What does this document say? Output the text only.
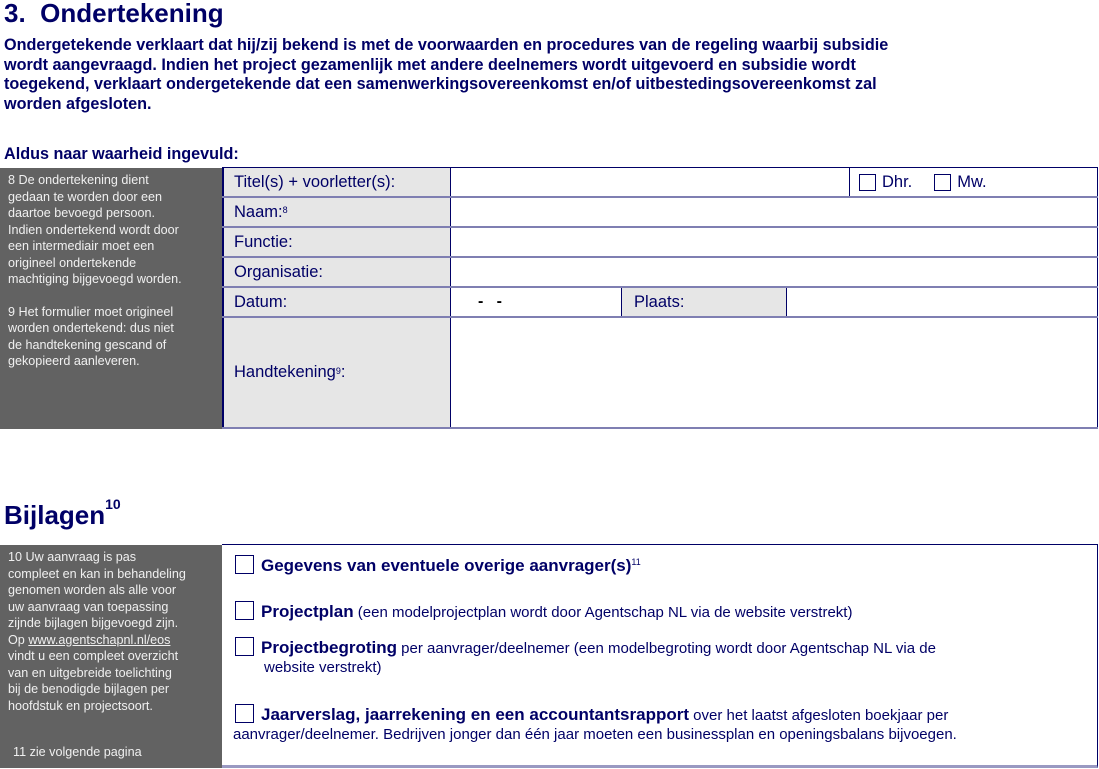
3.  Ondertekening
Ondergetekende verklaart dat hij/zij bekend is met de voorwaarden en procedures van de regeling waarbij subsidie
wordt aangevraagd. Indien het project gezamenlijk met andere deelnemers wordt uitgevoerd en subsidie wordt
toegekend, verklaart ondergetekende dat een samenwerkingsovereenkomst en/of uitbestedingsovereenkomst zal
worden afgesloten.
Aldus naar waarheid ingevuld:
8 De ondertekening dient
gedaan te worden door een
daartoe bevoegd persoon.
Indien ondertekend wordt door
een intermediair moet een
origineel ondertekende
machtiging bijgevoegd worden.
9 Het formulier moet origineel
worden ondertekend: dus niet
de handtekening gescand of
gekopieerd aanleveren.
Titel(s) + voorletter(s):	Dhr.	Mw.
Naam:$^8$
Functie:
Organisatie:
Datum:	-   -	Plaats:
Handtekening$^9$ :
Bijlagen$^{10}$
10 Uw aanvraag is pas
compleet en kan in behandeling
genomen worden als alle voor
uw aanvraag van toepassing
zijnde bijlagen bijgevoegd zijn.
Op www.agentschapnl.nl/eos
vindt u een compleet overzicht
van en uitgebreide toelichting
bij de benodigde bijlagen per
hoofdstuk en projectsoort.
11 zie volgende pagina
Gegevens van eventuele overige $aanvrager(s)^{11}$
Projectplan (een modelprojectplan wordt door Agentschap NL via de website verstrekt)
Projectbegroting per aanvrager/deelnemer (een modelbegroting wordt door Agentschap NL via de
website verstrekt)
Jaarverslag, jaarrekening en een accountantsrapport over het laatst afgesloten boekjaar per
aanvrager/deelnemer. Bedrijven jonger dan één jaar moeten een businessplan en openingsbalans bijvoegen.
